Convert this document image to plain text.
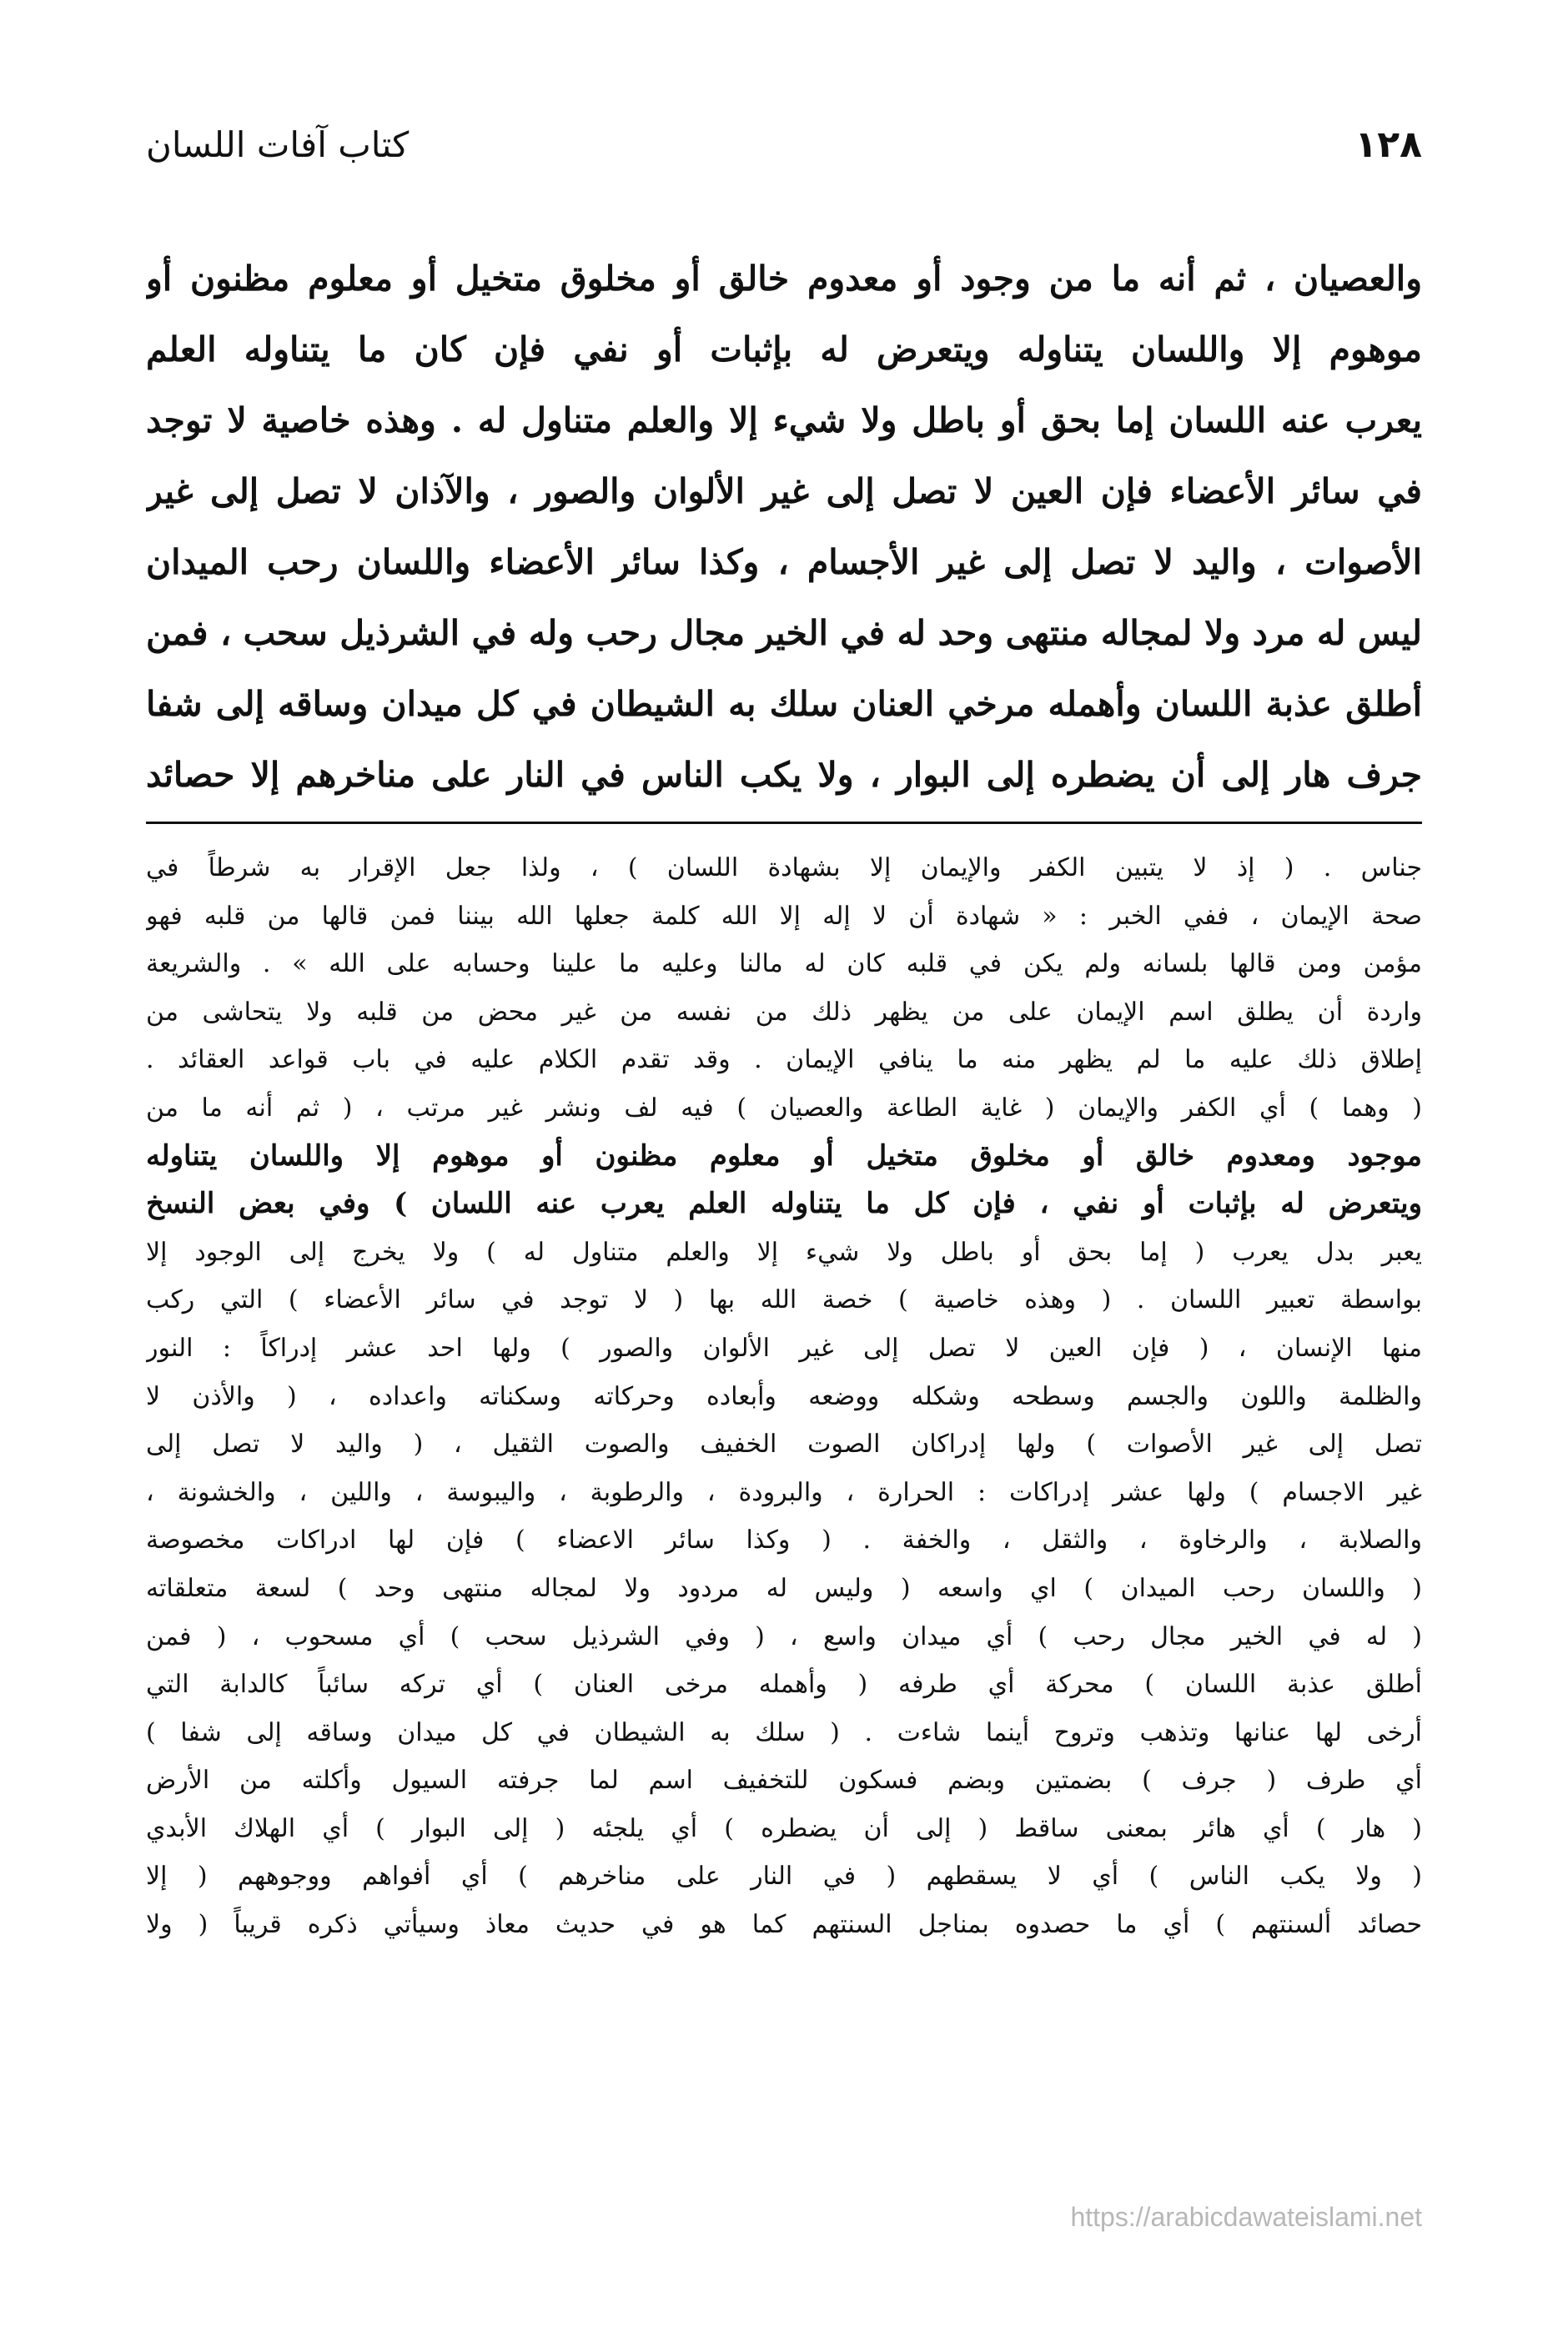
١٢٨
كتاب آفات اللسان
والعصيان ، ثم أنه ما من وجود أو معدوم خالق أو مخلوق متخيل أو معلوم مظنون أو
موهوم إلا واللسان يتناوله ويتعرض له بإثبات أو نفي فإن كان ما يتناوله العلم
يعرب عنه اللسان إما بحق أو باطل ولا شيء إلا والعلم متناول له . وهذه خاصية لا توجد
في سائر الأعضاء فإن العين لا تصل إلى غير الألوان والصور ، والآذان لا تصل إلى غير
الأصوات ، واليد لا تصل إلى غير الأجسام ، وكذا سائر الأعضاء واللسان رحب الميدان
ليس له مرد ولا لمجاله منتهى وحد له في الخير مجال رحب وله في الشرذيل سحب ، فمن
أطلق عذبة اللسان وأهمله مرخي العنان سلك به الشيطان في كل ميدان وساقه إلى شفا
جرف هار إلى أن يضطره إلى البوار ، ولا يكب الناس في النار على مناخرهم إلا حصائد
جناس . ( إذ لا يتبين الكفر والإيمان إلا بشهادة اللسان ) ، ولذا جعل الإقرار به شرطاً في
صحة الإيمان ، ففي الخبر : « شهادة أن لا إله إلا الله كلمة جعلها الله بيننا فمن قالها من قلبه فهو
مؤمن ومن قالها بلسانه ولم يكن في قلبه كان له مالنا وعليه ما علينا وحسابه على الله » . والشريعة
واردة أن يطلق اسم الإيمان على من يظهر ذلك من نفسه من غير محض من قلبه ولا يتحاشى من
إطلاق ذلك عليه ما لم يظهر منه ما ينافي الإيمان . وقد تقدم الكلام عليه في باب قواعد العقائد .
( وهما ) أي الكفر والإيمان ( غاية الطاعة والعصيان ) فيه لف ونشر غير مرتب ، ( ثم أنه ما من
موجود ومعدوم خالق أو مخلوق متخيل أو معلوم مظنون أو موهوم إلا واللسان يتناوله
ويتعرض له بإثبات أو نفي ، فإن كل ما يتناوله العلم يعرب عنه اللسان ) وفي بعض النسخ
يعبر بدل يعرب ( إما بحق أو باطل ولا شيء إلا والعلم متناول له ) ولا يخرج إلى الوجود إلا
بواسطة تعبير اللسان . ( وهذه خاصية ) خصة الله بها ( لا توجد في سائر الأعضاء ) التي ركب
منها الإنسان ، ( فإن العين لا تصل إلى غير الألوان والصور ) ولها احد عشر إدراكاً : النور
والظلمة واللون والجسم وسطحه وشكله ووضعه وأبعاده وحركاته وسكناته واعداده ، ( والأذن لا
تصل إلى غير الأصوات ) ولها إدراكان الصوت الخفيف والصوت الثقيل ، ( واليد لا تصل إلى
غير الاجسام ) ولها عشر إدراكات : الحرارة ، والبرودة ، والرطوبة ، واليبوسة ، واللين ، والخشونة ،
والصلابة ، والرخاوة ، والثقل ، والخفة . ( وكذا سائر الاعضاء ) فإن لها ادراكات مخصوصة
( واللسان رحب الميدان ) اي واسعه ( وليس له مردود ولا لمجاله منتهى وحد ) لسعة متعلقاته
( له في الخير مجال رحب ) أي ميدان واسع ، ( وفي الشرذيل سحب ) أي مسحوب ، ( فمن
أطلق عذبة اللسان ) محركة أي طرفه ( وأهمله مرخى العنان ) أي تركه سائباً كالدابة التي
أرخى لها عنانها وتذهب وتروح أينما شاءت . ( سلك به الشيطان في كل ميدان وساقه إلى شفا )
أي طرف ( جرف ) بضمتين وبضم فسكون للتخفيف اسم لما جرفته السيول وأكلته من الأرض
( هار ) أي هائر بمعنى ساقط ( إلى أن يضطره ) أي يلجئه ( إلى البوار ) أي الهلاك الأبدي
( ولا يكب الناس ) أي لا يسقطهم ( في النار على مناخرهم ) أي أفواهم ووجوههم ( إلا
حصائد ألسنتهم ) أي ما حصدوه بمناجل السنتهم كما هو في حديث معاذ وسيأتي ذكره قريباً ( ولا
https://arabicdawateislami.net
